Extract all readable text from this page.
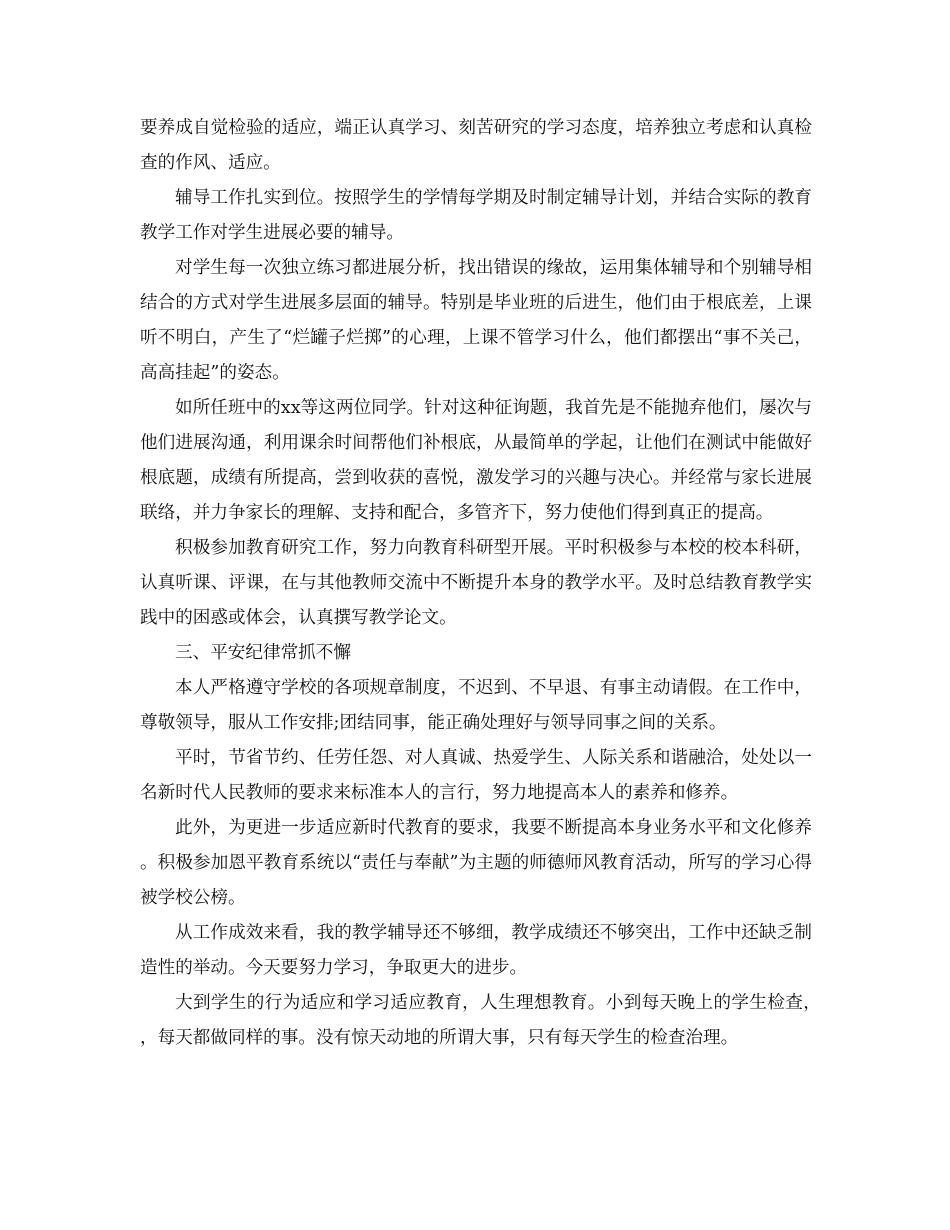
要养成自觉检验的适应，端正认真学习、刻苦研究的学习态度，培养独立考虑和认真检查的作风、适应。

辅导工作扎实到位。按照学生的学情每学期及时制定辅导计划，并结合实际的教育教学工作对学生进展必要的辅导。

对学生每一次独立练习都进展分析，找出错误的缘故，运用集体辅导和个别辅导相结合的方式对学生进展多层面的辅导。特别是毕业班的后进生，他们由于根底差，上课听不明白，产生了“烂罐子烂掷”的心理，上课不管学习什么，他们都摆出“事不关己，高高挂起”的姿态。

如所任班中的xx等这两位同学。针对这种征询题，我首先是不能抛弃他们，屡次与他们进展沟通，利用课余时间帮他们补根底，从最简单的学起，让他们在测试中能做好根底题，成绩有所提高，尝到收获的喜悦，激发学习的兴趣与决心。并经常与家长进展联络，并力争家长的理解、支持和配合，多管齐下，努力使他们得到真正的提高。

积极参加教育研究工作，努力向教育科研型开展。平时积极参与本校的校本科研，认真听课、评课，在与其他教师交流中不断提升本身的教学水平。及时总结教育教学实践中的困惑或体会，认真撰写教学论文。

三、平安纪律常抓不懈

本人严格遵守学校的各项规章制度，不迟到、不早退、有事主动请假。在工作中，尊敬领导，服从工作安排;团结同事，能正确处理好与领导同事之间的关系。

平时，节省节约、任劳任怨、对人真诚、热爱学生、人际关系和谐融洽，处处以一名新时代人民教师的要求来标准本人的言行，努力地提高本人的素养和修养。

此外，为更进一步适应新时代教育的要求，我要不断提高本身业务水平和文化修养。积极参加恩平教育系统以“责任与奉献”为主题的师德师风教育活动，所写的学习心得被学校公榜。

从工作成效来看，我的教学辅导还不够细，教学成绩还不够突出，工作中还缺乏制造性的举动。今天要努力学习，争取更大的进步。

大到学生的行为适应和学习适应教育，人生理想教育。小到每天晚上的学生检查，，每天都做同样的事。没有惊天动地的所谓大事，只有每天学生的检查治理。
